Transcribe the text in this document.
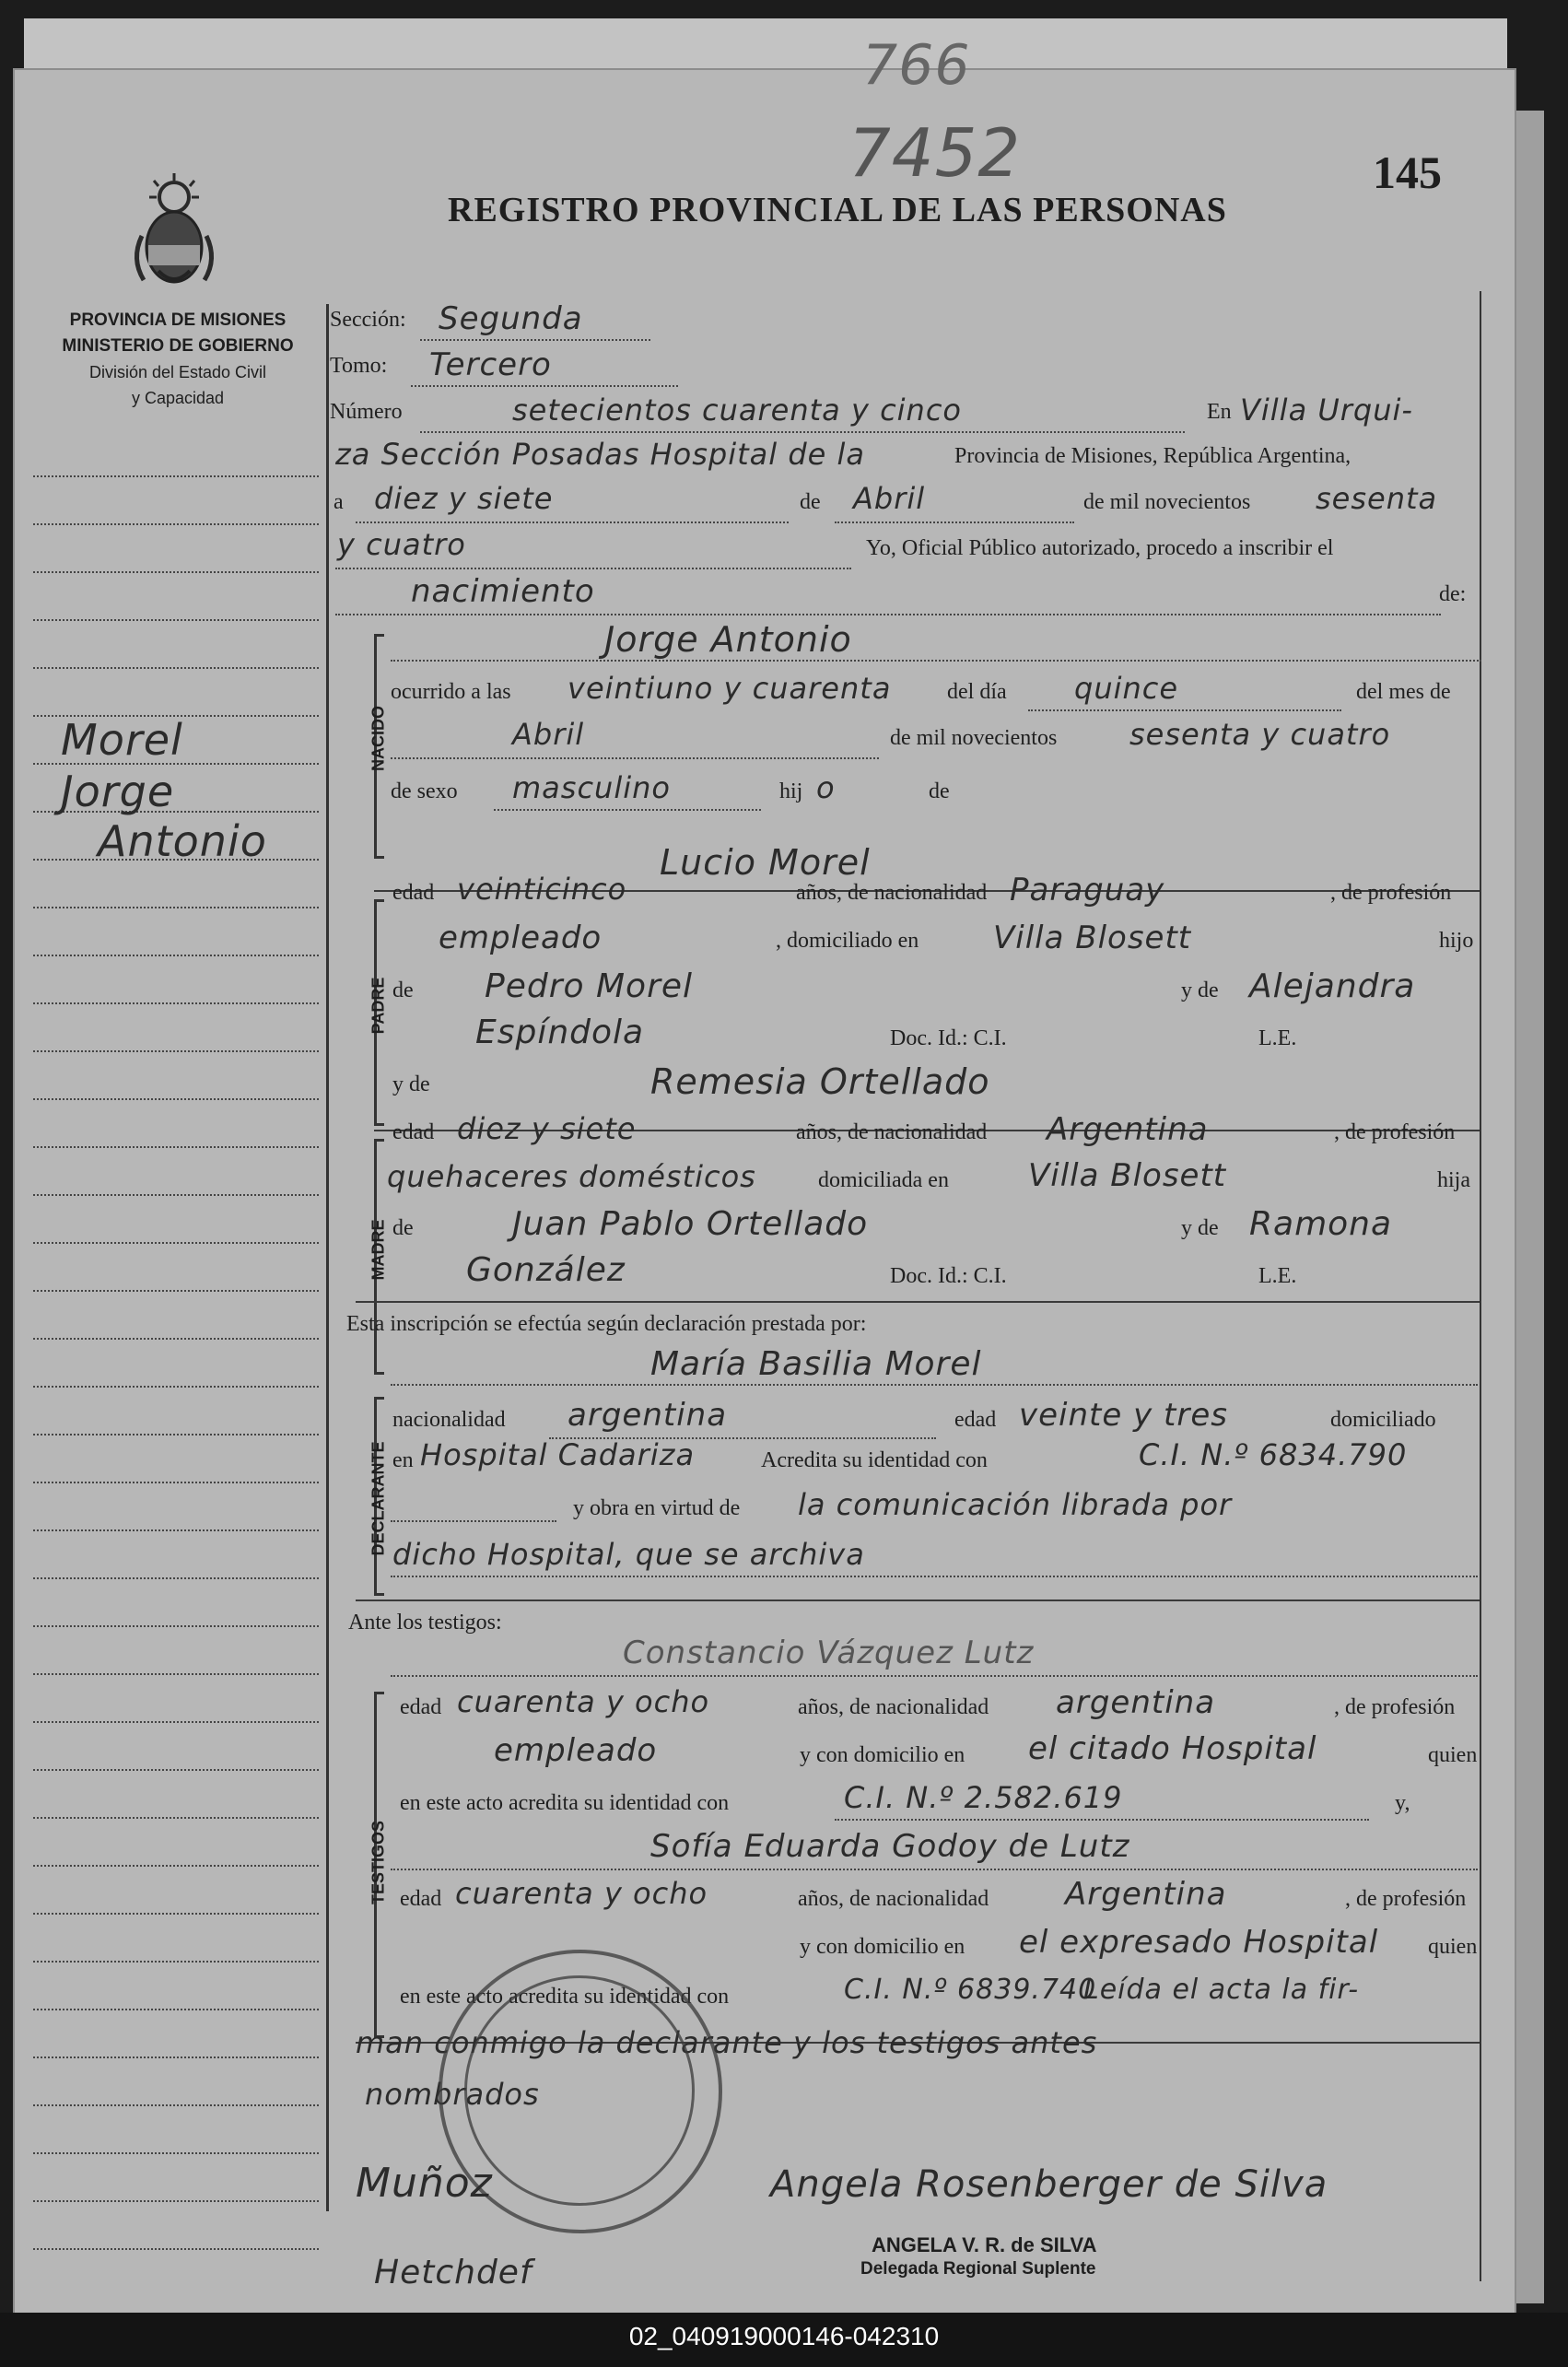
766
7452	145
REGISTRO PROVINCIAL DE LAS PERSONAS
PROVINCIA DE MISIONES
MINISTERIO DE GOBIERNO
División del Estado Civil
y Capacidad
Morel
Jorge
Antonio
Sección: Segunda
Tomo: Tercero
Número	setecientos cuarenta y cinco	En Villa Urqui-
za Sección Posadas Hospital de la	Provincia de Misiones, República Argentina,
a diez y siete	de Abril	de mil novecientos sesenta
y cuatro	Yo, Oficial Público autorizado, procedo a inscribir el
nacimiento	de:
NACIDO
Jorge Antonio
ocurrido a las veintiuno y cuarenta	del día quince	del mes de
Abril	de mil novecientos sesenta y cuatro
de sexo masculino	hij o	de
Lucio Morel
PADRE
edad veinticinco	años, de nacionalidad Paraguay	, de profesión
empleado	, domiciliado en Villa Blosett	hijo
de Pedro Morel	y de Alejandra
Espíndola	Doc. Id.: C.I.	L.E.
MADRE
y de	Remesia Ortellado
edad diez y siete	años, de nacionalidad Argentina	, de profesión
quehaceres domésticos	domiciliada en	Villa Blosett	hija
de	Juan Pablo Ortellado	y de Ramona
González	Doc. Id.: C.I.	L.E.
Esta inscripción se efectúa según declaración prestada por:
María Basilia Morel
DECLARANTE
nacionalidad argentina	edad veinte y tres	domiciliado
en Hospital Cadariza	Acredita su identidad con	C.I. N.º 6834.790
y obra en virtud de la comunicación librada por
dicho Hospital, que se archiva
Ante los testigos:
Constancio Vázquez Lutz
TESTIGOS
edad cuarenta y ocho	años, de nacionalidad argentina	, de profesión
empleado	y con domicilio en el citado Hospital	quien
en este acto acredita su identidad con	C.I. N.º 2.582.619	y,
Sofía Eduarda Godoy de Lutz
edad cuarenta y ocho	años, de nacionalidad Argentina	, de profesión
y con domicilio en el expresado Hospital quien
en este acto acredita su identidad con	C.I. N.º 6839.740
Leída el acta la fir-
man conmigo la declarante y los testigos antes
nombrados
Muñoz	Angela Rosenberger de Silva
Hetchdef
ANGELA V. R. de SILVA
Delegada Regional Suplente
02_040919000146-042310
